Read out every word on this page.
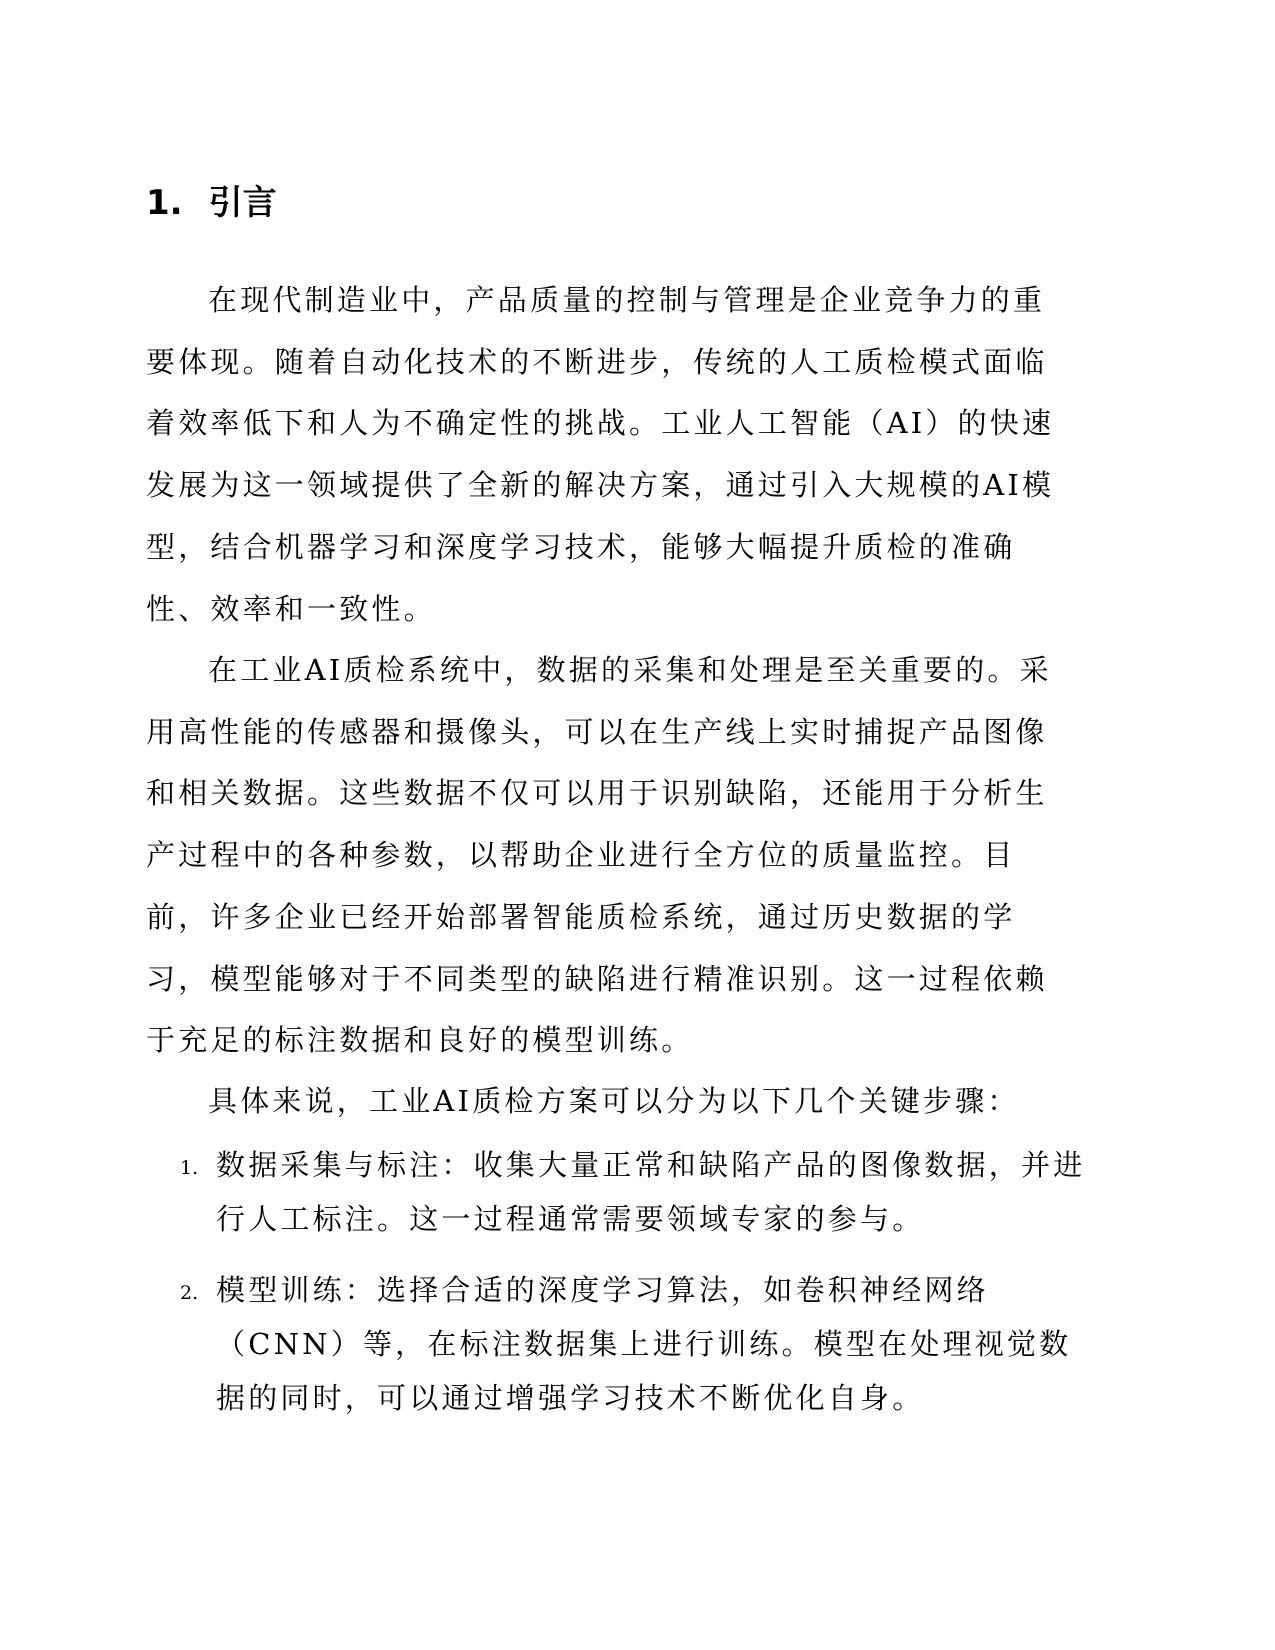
1. 引言

在现代制造业中，产品质量的控制与管理是企业竞争力的重要体现。随着自动化技术的不断进步，传统的人工质检模式面临着效率低下和人为不确定性的挑战。工业人工智能（AI）的快速发展为这一领域提供了全新的解决方案，通过引入大规模的AI模型，结合机器学习和深度学习技术，能够大幅提升质检的准确性、效率和一致性。

在工业AI质检系统中，数据的采集和处理是至关重要的。采用高性能的传感器和摄像头，可以在生产线上实时捕捉产品图像和相关数据。这些数据不仅可以用于识别缺陷，还能用于分析生产过程中的各种参数，以帮助企业进行全方位的质量监控。目前，许多企业已经开始部署智能质检系统，通过历史数据的学习，模型能够对于不同类型的缺陷进行精准识别。这一过程依赖于充足的标注数据和良好的模型训练。

具体来说，工业AI质检方案可以分为以下几个关键步骤：

1. 数据采集与标注：收集大量正常和缺陷产品的图像数据，并进行人工标注。这一过程通常需要领域专家的参与。
2. 模型训练：选择合适的深度学习算法，如卷积神经网络（CNN）等，在标注数据集上进行训练。模型在处理视觉数据的同时，可以通过增强学习技术不断优化自身。
